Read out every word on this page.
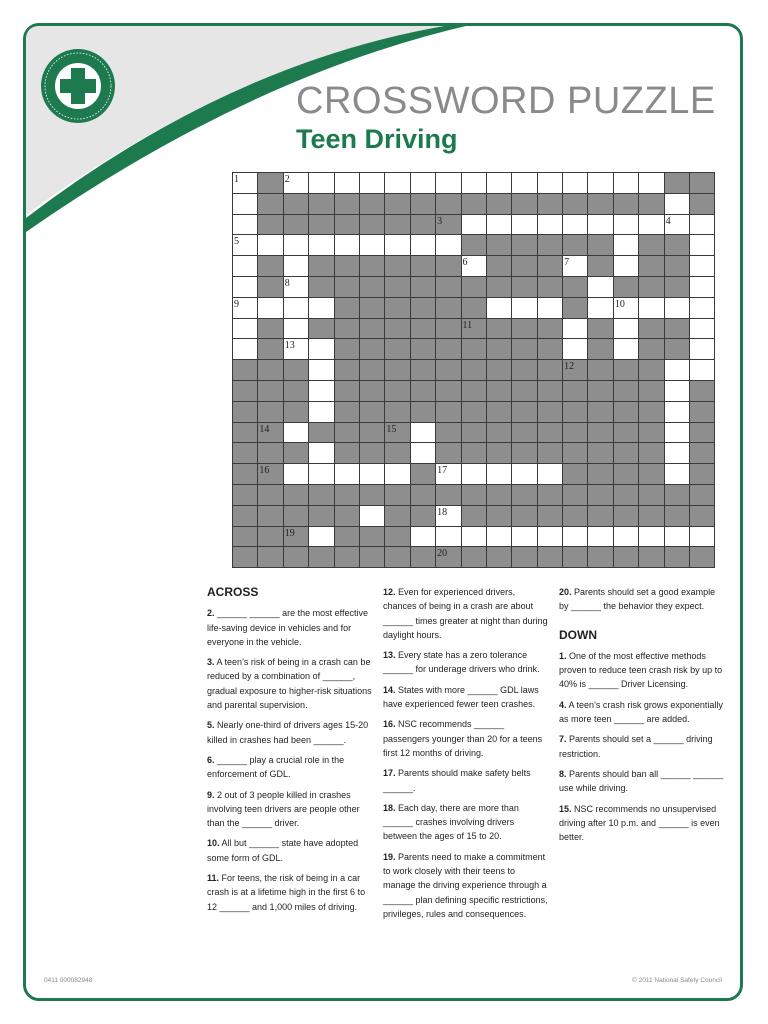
CROSSWORD PUZZLE
Teen Driving
1		2																

								3									4	

5																		

									6				7					

		8																

9															10			

									11									

		13																

													12					

	14					15												

	16							17										

								18										

		19																

								20										

ACROSS

2. ______ ______ are the most effective life-saving device in vehicles and for everyone in the vehicle.

3. A teen’s risk of being in a crash can be reduced by a combination of ______, gradual exposure to higher-risk situations and parental supervision.

5. Nearly one-third of drivers ages 15-20 killed in crashes had been ______.

6. ______ play a crucial role in the enforcement of GDL.

9. 2 out of 3 people killed in crashes involving teen drivers are people other than the ______ driver.

10. All but ______ state have adopted some form of GDL.

11. For teens, the risk of being in a car crash is at a lifetime high in the first 6 to 12 ______ and 1,000 miles of driving.

12. Even for experienced drivers, chances of being in a crash are about ______ times greater at night than during daylight hours.

13. Every state has a zero tolerance ______ for underage drivers who drink.

14. States with more ______ GDL laws have experienced fewer teen crashes.

16. NSC recommends ______ passengers younger than 20 for a teens first 12 months of driving.

17. Parents should make safety belts ______.

18. Each day, there are more than ______ crashes involving drivers between the ages of 15 to 20.

19. Parents need to make a commitment to work closely with their teens to manage the driving experience through a ______ plan defining specific restrictions, privileges, rules and consequences.

20. Parents should set a good example by ______ the behavior they expect.

DOWN

1. One of the most effective methods proven to reduce teen crash risk by up to 40% is ______ Driver Licensing.

4. A teen’s crash risk grows exponentially as more teen ______ are added.

7. Parents should set a ______ driving restriction.

8. Parents should ban all ______ ______ use while driving.

15. NSC recommends no unsupervised driving after 10 p.m. and ______ is even better.

0411 000082948	© 2011 National Safety Council
